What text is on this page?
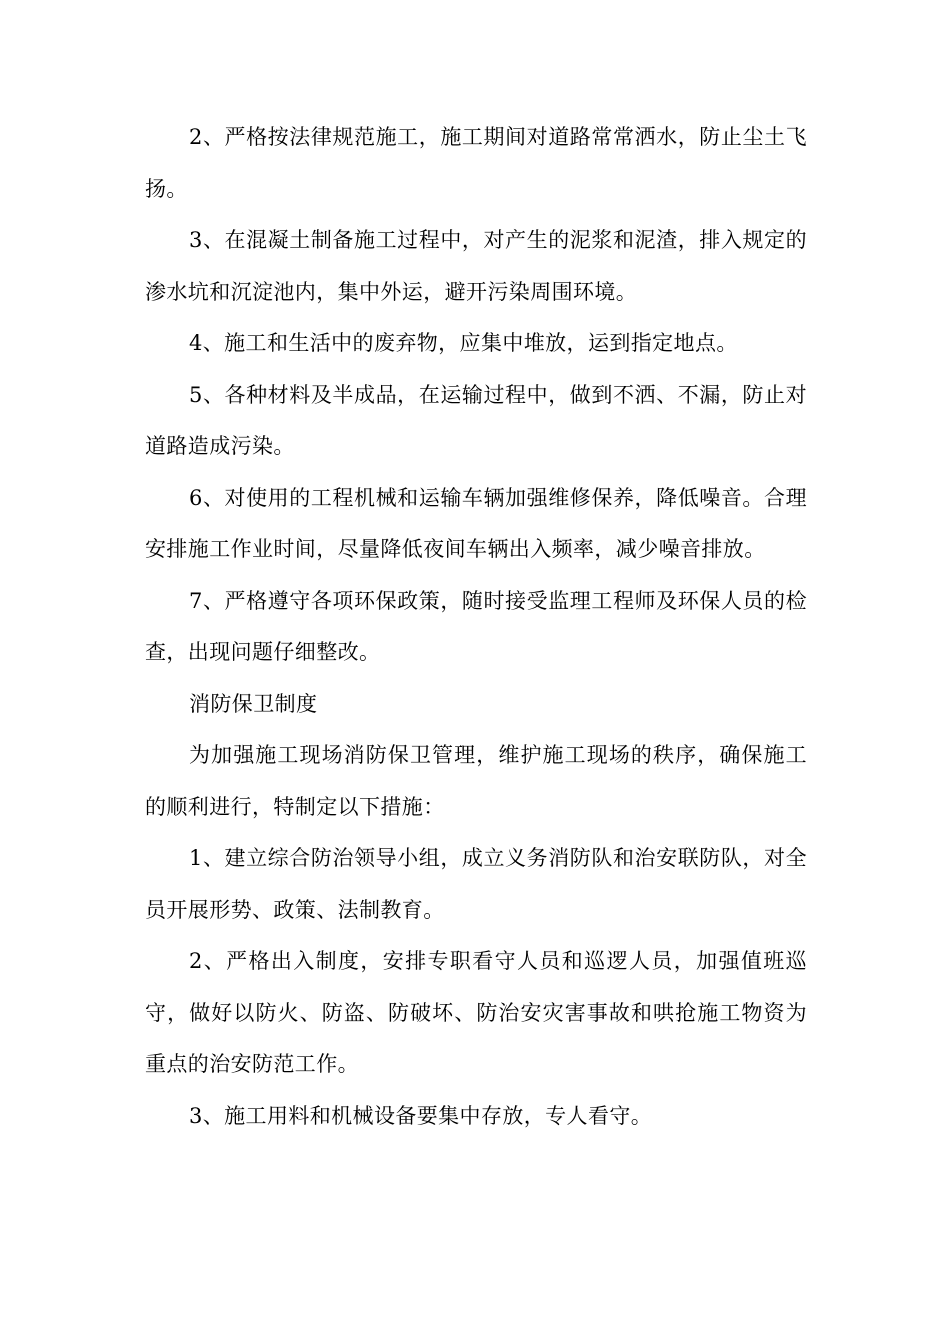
2、严格按法律规范施工，施工期间对道路常常洒水，防止尘土飞扬。

3、在混凝土制备施工过程中，对产生的泥浆和泥渣，排入规定的渗水坑和沉淀池内，集中外运，避开污染周围环境。

4、施工和生活中的废弃物，应集中堆放，运到指定地点。

5、各种材料及半成品，在运输过程中，做到不洒、不漏，防止对道路造成污染。

6、对使用的工程机械和运输车辆加强维修保养，降低噪音。合理安排施工作业时间，尽量降低夜间车辆出入频率，减少噪音排放。

7、严格遵守各项环保政策，随时接受监理工程师及环保人员的检查，出现问题仔细整改。

消防保卫制度

为加强施工现场消防保卫管理，维护施工现场的秩序，确保施工的顺利进行，特制定以下措施：

1、建立综合防治领导小组，成立义务消防队和治安联防队，对全员开展形势、政策、法制教育。

2、严格出入制度，安排专职看守人员和巡逻人员，加强值班巡守，做好以防火、防盗、防破坏、防治安灾害事故和哄抢施工物资为重点的治安防范工作。

3、施工用料和机械设备要集中存放，专人看守。
